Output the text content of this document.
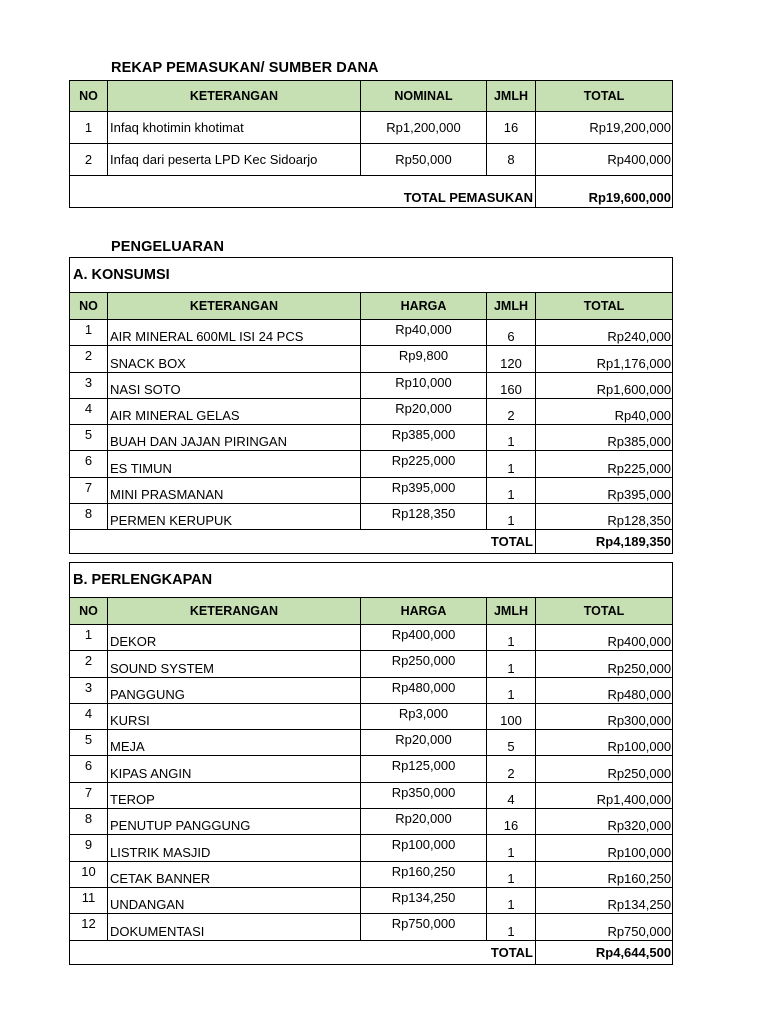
REKAP PEMASUKAN/ SUMBER DANA
NO	KETERANGAN	NOMINAL	JMLH	TOTAL
1	Infaq khotimin khotimat	Rp1,200,000	16	Rp19,200,000
2	Infaq dari peserta LPD Kec Sidoarjo	Rp50,000	8	Rp400,000
TOTAL PEMASUKAN				Rp19,600,000
PENGELUARAN
A. KONSUMSI				
NO	KETERANGAN	HARGA	JMLH	TOTAL
1	AIR MINERAL 600ML ISI 24 PCS	Rp40,000	6	Rp240,000
2	SNACK BOX	Rp9,800	120	Rp1,176,000
3	NASI SOTO	Rp10,000	160	Rp1,600,000
4	AIR MINERAL GELAS	Rp20,000	2	Rp40,000
5	BUAH DAN JAJAN PIRINGAN	Rp385,000	1	Rp385,000
6	ES TIMUN	Rp225,000	1	Rp225,000
7	MINI PRASMANAN	Rp395,000	1	Rp395,000
8	PERMEN KERUPUK	Rp128,350	1	Rp128,350
TOTAL				Rp4,189,350
B. PERLENGKAPAN				
NO	KETERANGAN	HARGA	JMLH	TOTAL
1	DEKOR	Rp400,000	1	Rp400,000
2	SOUND SYSTEM	Rp250,000	1	Rp250,000
3	PANGGUNG	Rp480,000	1	Rp480,000
4	KURSI	Rp3,000	100	Rp300,000
5	MEJA	Rp20,000	5	Rp100,000
6	KIPAS ANGIN	Rp125,000	2	Rp250,000
7	TEROP	Rp350,000	4	Rp1,400,000
8	PENUTUP PANGGUNG	Rp20,000	16	Rp320,000
9	LISTRIK MASJID	Rp100,000	1	Rp100,000
10	CETAK BANNER	Rp160,250	1	Rp160,250
11	UNDANGAN	Rp134,250	1	Rp134,250
12	DOKUMENTASI	Rp750,000	1	Rp750,000
TOTAL				Rp4,644,500
